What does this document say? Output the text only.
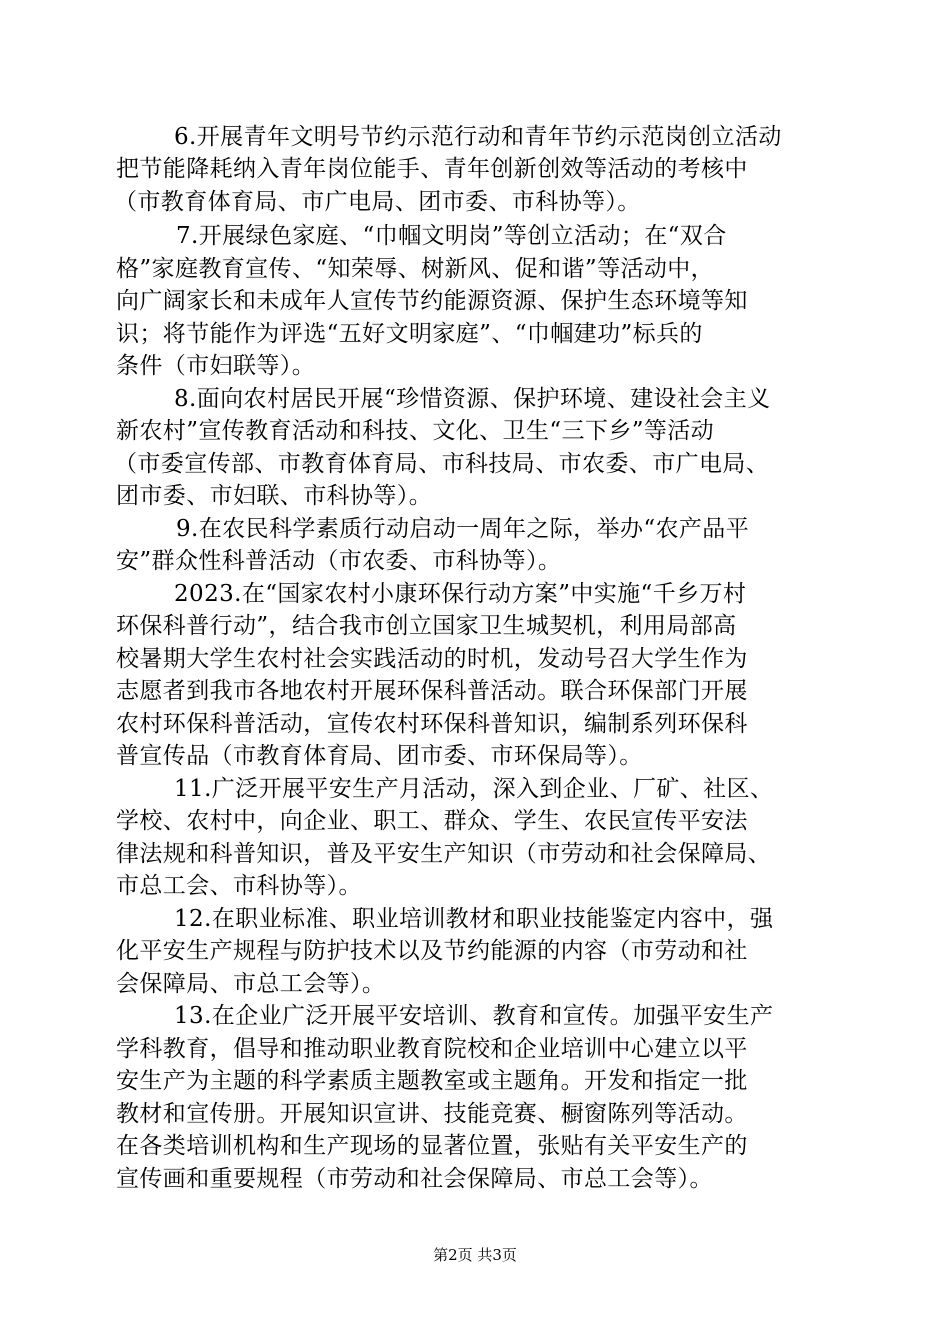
6.开展青年文明号节约示范行动和青年节约示范岗创立活动
把节能降耗纳入青年岗位能手、青年创新创效等活动的考核中
（市教育体育局、市广电局、团市委、市科协等）。
7.开展绿色家庭、“巾帼文明岗”等创立活动；在“双合
格”家庭教育宣传、“知荣辱、树新风、促和谐”等活动中，
向广阔家长和未成年人宣传节约能源资源、保护生态环境等知
识；将节能作为评选“五好文明家庭”、“巾帼建功”标兵的
条件（市妇联等）。
8.面向农村居民开展“珍惜资源、保护环境、建设社会主义
新农村”宣传教育活动和科技、文化、卫生“三下乡”等活动
（市委宣传部、市教育体育局、市科技局、市农委、市广电局、
团市委、市妇联、市科协等）。
9.在农民科学素质行动启动一周年之际，举办“农产品平
安”群众性科普活动（市农委、市科协等）。
2023.在“国家农村小康环保行动方案”中实施“千乡万村
环保科普行动”，结合我市创立国家卫生城契机，利用局部高
校暑期大学生农村社会实践活动的时机，发动号召大学生作为
志愿者到我市各地农村开展环保科普活动。联合环保部门开展
农村环保科普活动，宣传农村环保科普知识，编制系列环保科
普宣传品（市教育体育局、团市委、市环保局等）。
11.广泛开展平安生产月活动，深入到企业、厂矿、社区、
学校、农村中，向企业、职工、群众、学生、农民宣传平安法
律法规和科普知识，普及平安生产知识（市劳动和社会保障局、
市总工会、市科协等）。
12.在职业标准、职业培训教材和职业技能鉴定内容中，强
化平安生产规程与防护技术以及节约能源的内容（市劳动和社
会保障局、市总工会等）。
13.在企业广泛开展平安培训、教育和宣传。加强平安生产
学科教育，倡导和推动职业教育院校和企业培训中心建立以平
安生产为主题的科学素质主题教室或主题角。开发和指定一批
教材和宣传册。开展知识宣讲、技能竞赛、橱窗陈列等活动。
在各类培训机构和生产现场的显著位置，张贴有关平安生产的
宣传画和重要规程（市劳动和社会保障局、市总工会等）。
第2页 共3页
